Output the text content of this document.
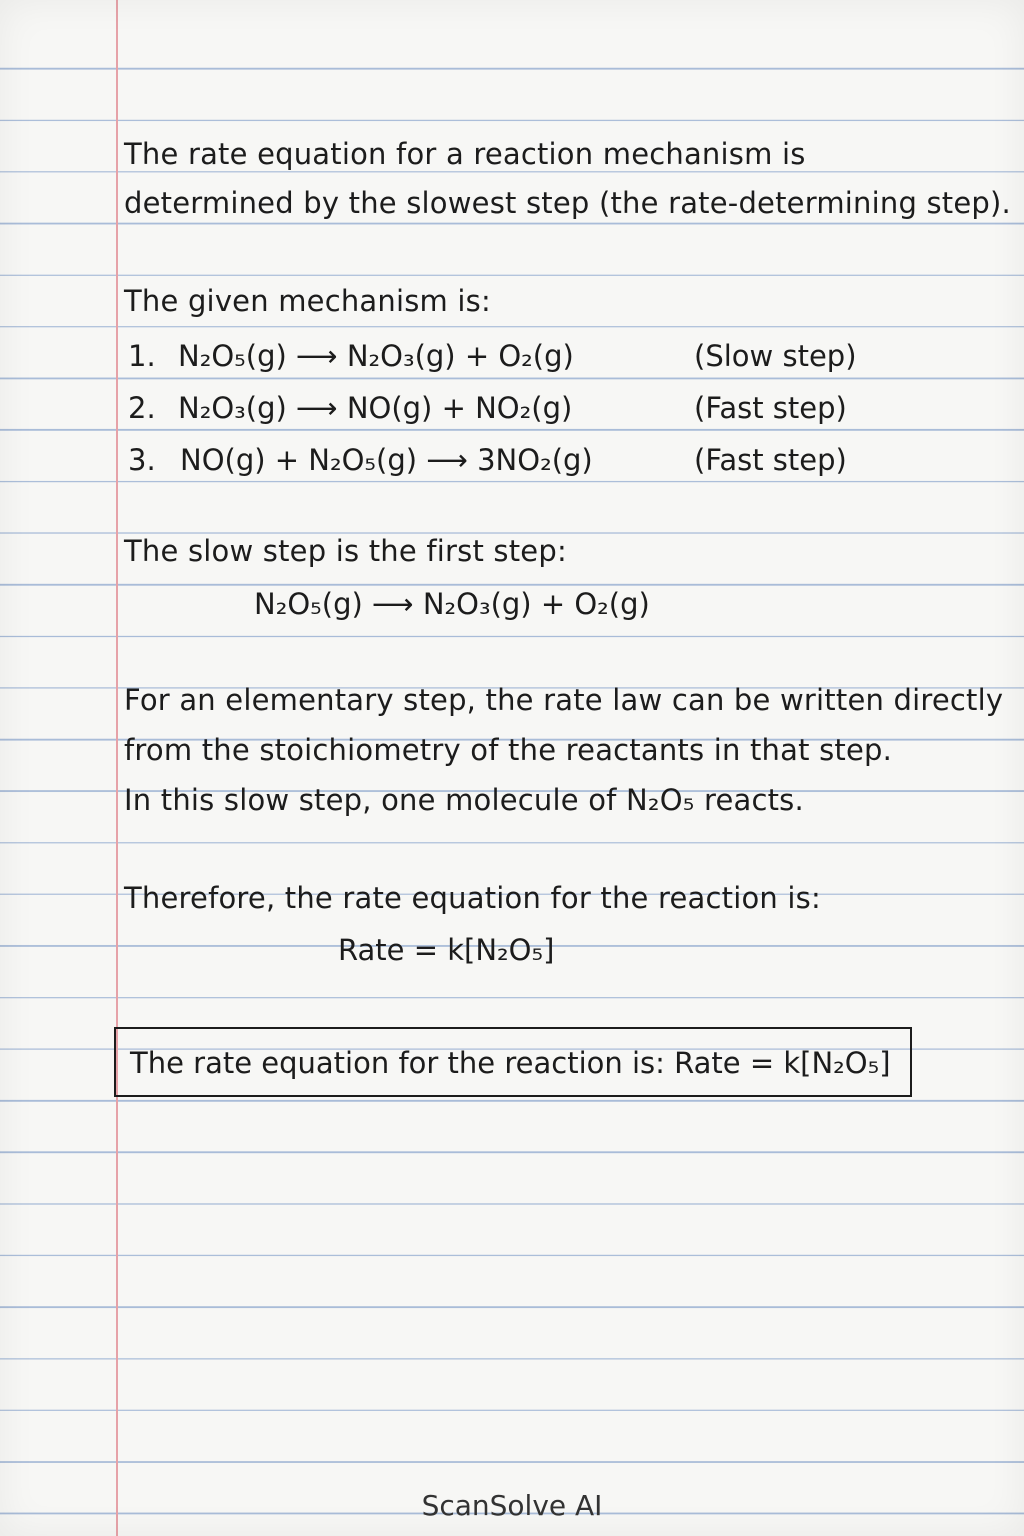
The rate equation for a reaction mechanism is
determined by the slowest step (the rate-determining step).
The given mechanism is:
1. N₂O₅(g) ⟶ N₂O₃(g) + O₂(g)	(Slow step)
2. N₂O₃(g) ⟶ NO(g) + NO₂(g)	(Fast step)
3. NO(g) + N₂O₅(g) ⟶ 3NO₂(g)	(Fast step)
The slow step is the first step:
N₂O₅(g) ⟶ N₂O₃(g) + O₂(g)
For an elementary step, the rate law can be written directly
from the stoichiometry of the reactants in that step.
In this slow step, one molecule of N₂O₅ reacts.
Therefore, the rate equation for the reaction is:
Rate = k[N₂O₅]
The rate equation for the reaction is: Rate = k[N₂O₅]
ScanSolve AI
